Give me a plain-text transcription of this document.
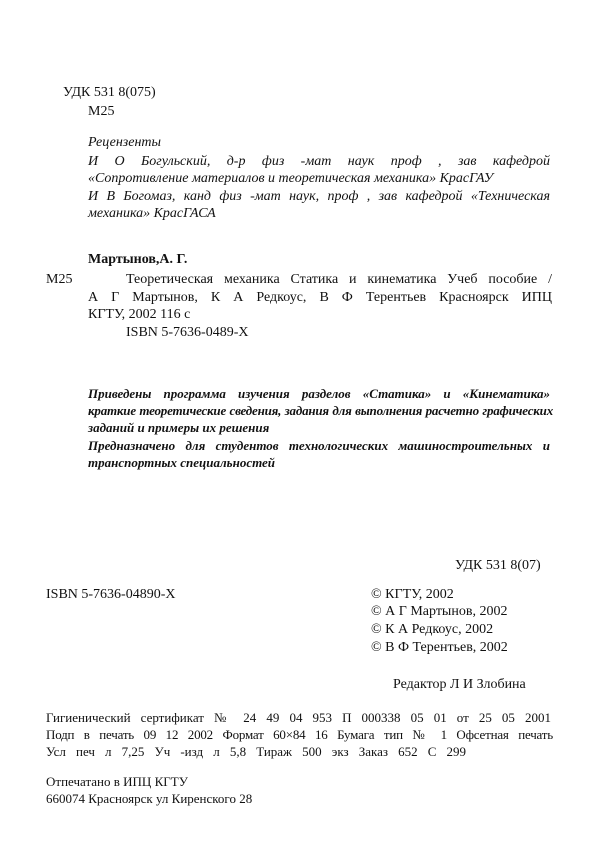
УДК 531 8(075)
М25
Рецензенты
И О Богульский, д-р физ -мат наук проф , зав кафедрой
«Сопротивление материалов и теоретическая механика» КрасГАУ
И В Богомаз, канд физ -мат наук, проф , зав кафедрой «Техническая
механика» КрасГАСА
Мартынов,А. Г.
М25	Теоретическая механика Статика и кинематика Учеб пособие /
А Г Мартынов, К А Редкоус, В Ф Терентьев Красноярск ИПЦ
КГТУ, 2002 116 с
ISBN 5-7636-0489-X
Приведены программа изучения разделов «Статика» и «Кинематика»
краткие теоретические сведения, задания для выполнения расчетно графических
заданий и примеры их решения
Предназначено для студентов технологических машиностроительных и
транспортных специальностей
УДК 531 8(07)
ISBN 5-7636-04890-X	© КГТУ, 2002
© А Г Мартынов, 2002
© К А Редкоус, 2002
© В Ф Терентьев, 2002
Редактор Л И Злобина
Гигиенический сертификат № 24 49 04 953 П 000338 05 01 от 25 05 2001
Подп в печать 09 12 2002 Формат 60×84 16 Бумага тип № 1 Офсетная печать
Усл печ л 7,25 Уч -изд л 5,8 Тираж 500 экз Заказ 652 С 299
Отпечатано в ИПЦ КГТУ
660074 Красноярск ул Киренского 28
